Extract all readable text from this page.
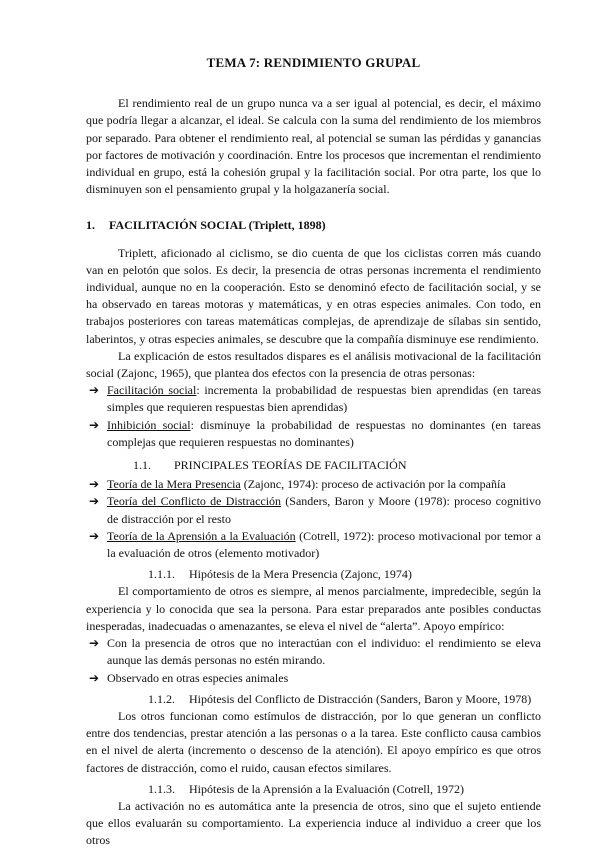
TEMA 7: RENDIMIENTO GRUPAL

El rendimiento real de un grupo nunca va a ser igual al potencial, es decir, el máximo que podría llegar a alcanzar, el ideal. Se calcula con la suma del rendimiento de los miembros por separado. Para obtener el rendimiento real, al potencial se suman las pérdidas y ganancias por factores de motivación y coordinación. Entre los procesos que incrementan el rendimiento individual en grupo, está la cohesión grupal y la facilitación social. Por otra parte, los que lo disminuyen son el pensamiento grupal y la holgazanería social.

1. FACILITACIÓN SOCIAL (Triplett, 1898)

Triplett, aficionado al ciclismo, se dio cuenta de que los ciclistas corren más cuando van en pelotón que solos. Es decir, la presencia de otras personas incrementa el rendimiento individual, aunque no en la cooperación. Esto se denominó efecto de facilitación social, y se ha observado en tareas motoras y matemáticas, y en otras especies animales. Con todo, en trabajos posteriores con tareas matemáticas complejas, de aprendizaje de sílabas sin sentido, laberintos, y otras especies animales, se descubre que la compañía disminuye ese rendimiento.

La explicación de estos resultados dispares es el análisis motivacional de la facilitación social (Zajonc, 1965), que plantea dos efectos con la presencia de otras personas:

➔ Facilitación social: incrementa la probabilidad de respuestas bien aprendidas (en tareas simples que requieren respuestas bien aprendidas)
➔ Inhibición social: disminuye la probabilidad de respuestas no dominantes (en tareas complejas que requieren respuestas no dominantes)
1.1. PRINCIPALES TEORÍAS DE FACILITACIÓN
➔ Teoría de la Mera Presencia (Zajonc, 1974): proceso de activación por la compañía
➔ Teoría del Conflicto de Distracción (Sanders, Baron y Moore (1978): proceso cognitivo de distracción por el resto
➔ Teoría de la Aprensión a la Evaluación (Cotrell, 1972): proceso motivacional por temor a la evaluación de otros (elemento motivador)
1.1.1. Hipótesis de la Mera Presencia (Zajonc, 1974)

El comportamiento de otros es siempre, al menos parcialmente, impredecible, según la experiencia y lo conocida que sea la persona. Para estar preparados ante posibles conductas inesperadas, inadecuadas o amenazantes, se eleva el nivel de “alerta”. Apoyo empírico:

➔ Con la presencia de otros que no interactúan con el individuo: el rendimiento se eleva aunque las demás personas no estén mirando.
➔ Observado en otras especies animales
1.1.2. Hipótesis del Conflicto de Distracción (Sanders, Baron y Moore, 1978)

Los otros funcionan como estímulos de distracción, por lo que generan un conflicto entre dos tendencias, prestar atención a las personas o a la tarea. Este conflicto causa cambios en el nivel de alerta (incremento o descenso de la atención). El apoyo empírico es que otros factores de distracción, como el ruido, causan efectos similares.

1.1.3. Hipótesis de la Aprensión a la Evaluación (Cotrell, 1972)

La activación no es automática ante la presencia de otros, sino que el sujeto entiende que ellos evaluarán su comportamiento. La experiencia induce al individuo a creer que los otros
